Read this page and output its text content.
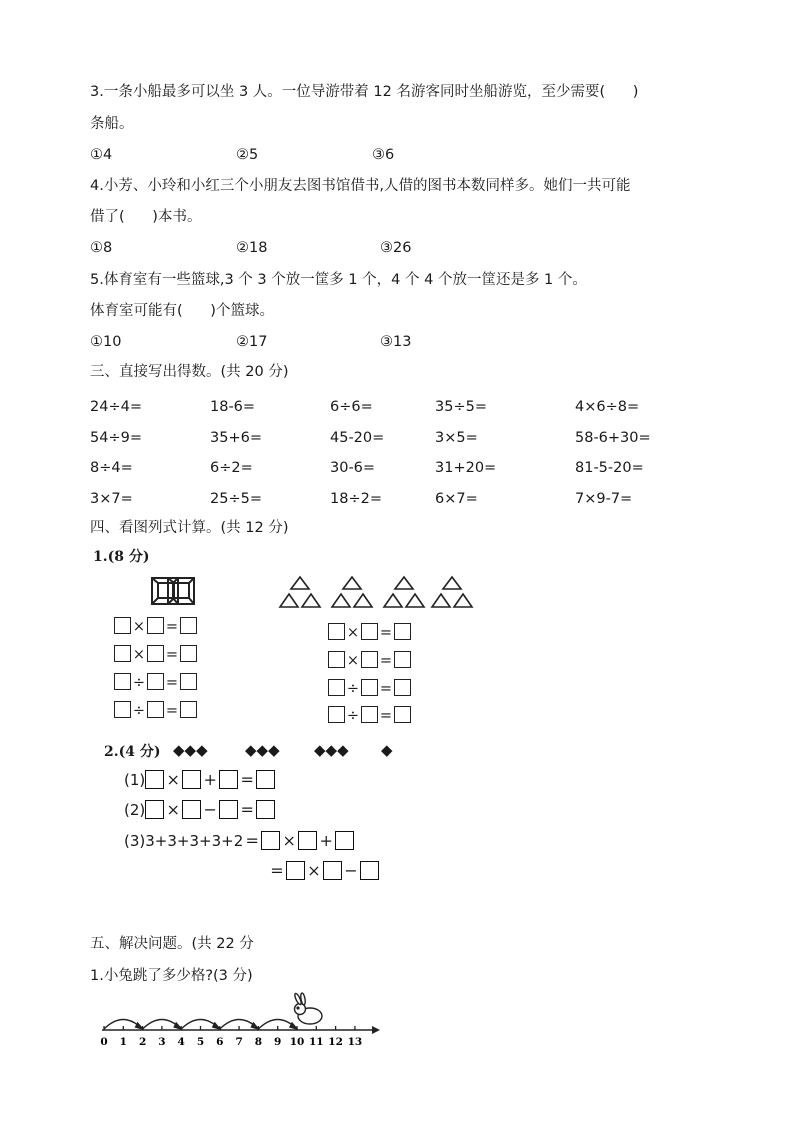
3.一条小船最多可以坐 3 人。一位导游带着 12 名游客同时坐船游览，至少需要(      )
条船。
①4	②5	③6
4.小芳、小玲和小红三个小朋友去图书馆借书,人借的图书本数同样多。她们一共可能
借了(      )本书。
①8	②18	③26
5.体育室有一些篮球,3 个 3 个放一筐多 1 个，4 个 4 个放一筐还是多 1 个。
体育室可能有(      )个篮球。
①10	②17	③13
三、直接写出得数。(共 20 分)
24÷4=	18-6=	6÷6=	35÷5=	4×6÷8=
54÷9=	35+6=	45-20=	3×5=	58-6+30=
8÷4=	6÷2=	30-6=	31+20=	81-5-20=
3×7=	25÷5=	18÷2=	6×7=	7×9-7=
四、看图列式计算。(共 12 分)
1.(8 分)
× =
× =
÷ =
÷ =
× =
× =
÷ =
÷ =
2.(4 分) ◆◆◆ ◆◆◆ ◆◆◆ ◆
(1) × + =
(2) × − =
(3)3+3+3+3+2 = × +
= × −
五、解决问题。(共 22 分
1.小兔跳了多少格?(3 分)
0 1 2 3 4 5 6 7 8 9 10 11 12 13
